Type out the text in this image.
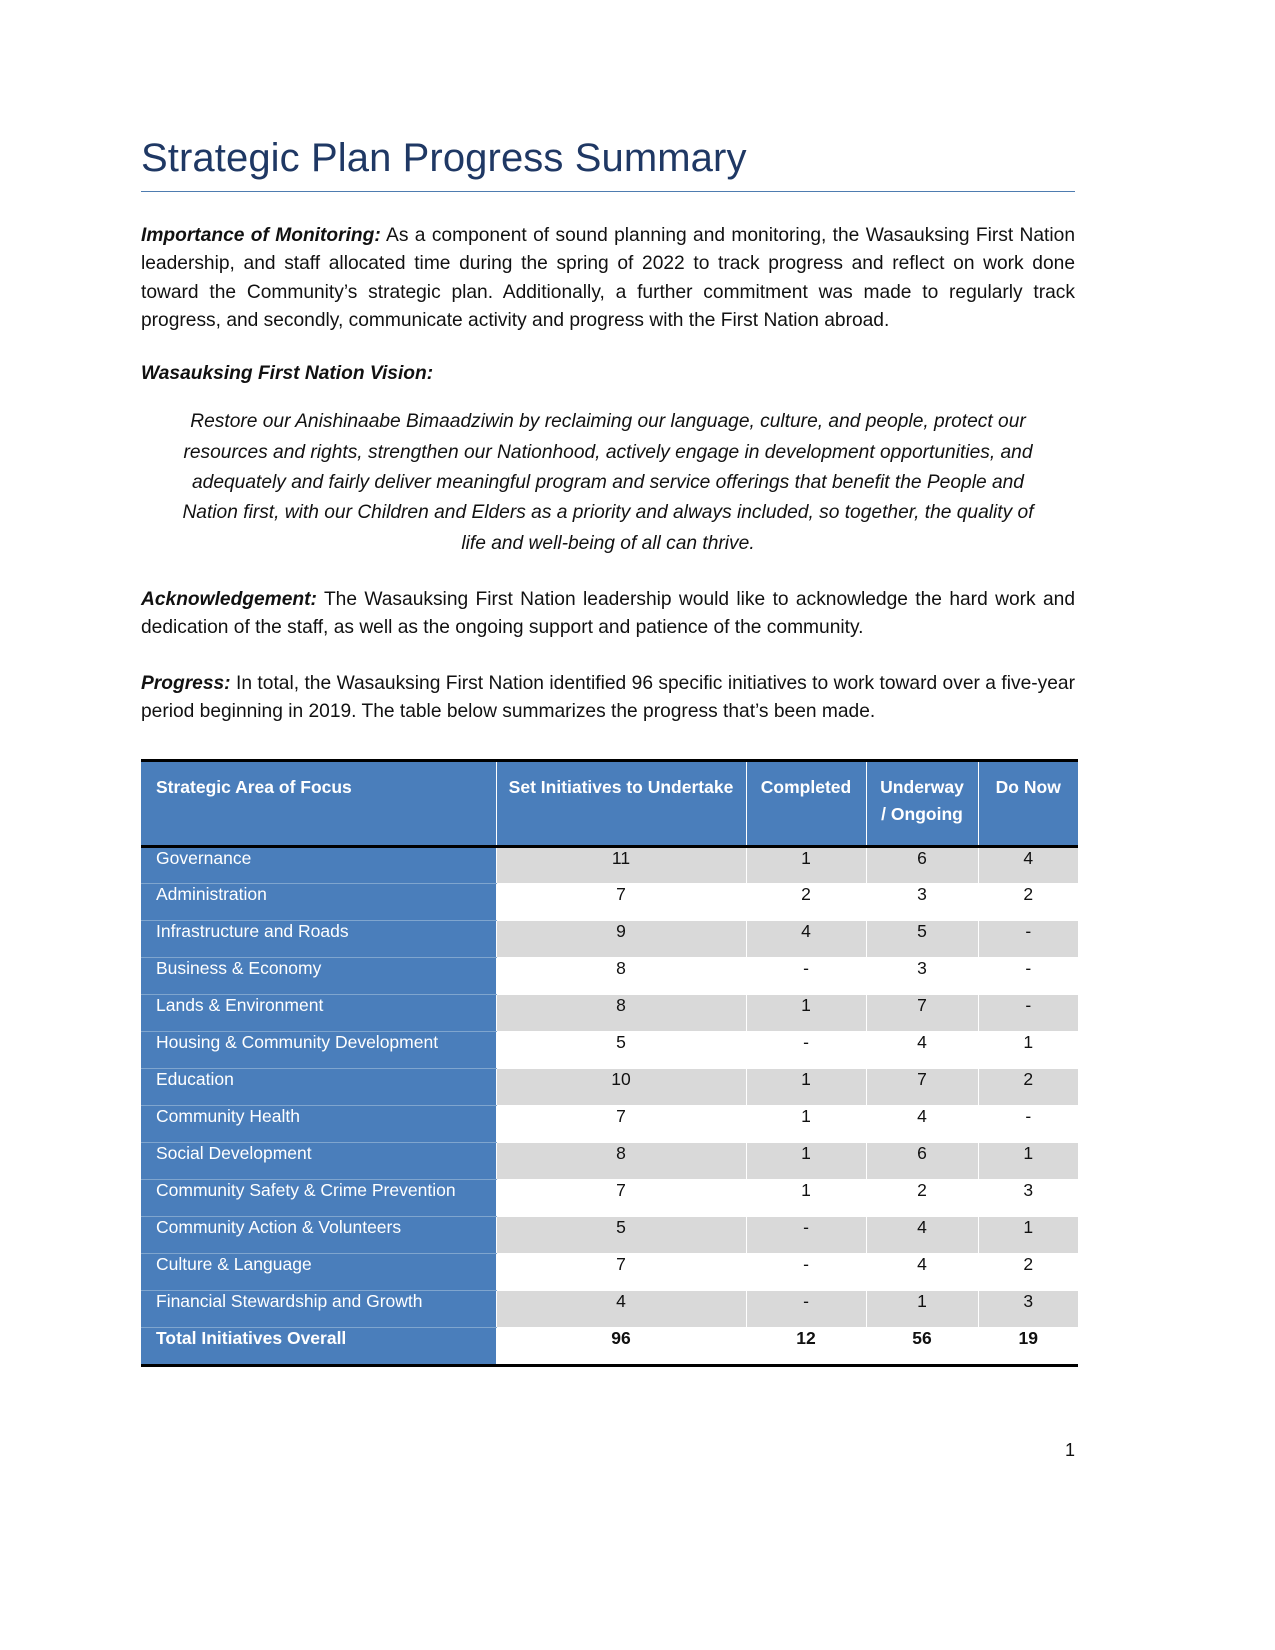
Strategic Plan Progress Summary

Importance of Monitoring: As a component of sound planning and monitoring, the Wasauksing First Nation leadership, and staff allocated time during the spring of 2022 to track progress and reflect on work done toward the Community’s strategic plan. Additionally, a further commitment was made to regularly track progress, and secondly, communicate activity and progress with the First Nation abroad.

Wasauksing First Nation Vision:
Restore our Anishinaabe Bimaadziwin by reclaiming our language, culture, and people, protect our resources and rights, strengthen our Nationhood, actively engage in development opportunities, and adequately and fairly deliver meaningful program and service offerings that benefit the People and Nation first, with our Children and Elders as a priority and always included, so together, the quality of life and well-being of all can thrive.

Acknowledgement: The Wasauksing First Nation leadership would like to acknowledge the hard work and dedication of the staff, as well as the ongoing support and patience of the community.

Progress: In total, the Wasauksing First Nation identified 96 specific initiatives to work toward over a five-year period beginning in 2019. The table below summarizes the progress that’s been made.

Strategic Area of Focus	Set Initiatives to Undertake	Completed	Underway
/ Ongoing	Do Now
Governance	11	1	6	4
Administration	7	2	3	2
Infrastructure and Roads	9	4	5	-
Business & Economy	8	-	3	-
Lands & Environment	8	1	7	-
Housing & Community Development	5	-	4	1
Education	10	1	7	2
Community Health	7	1	4	-
Social Development	8	1	6	1
Community Safety & Crime Prevention	7	1	2	3
Community Action & Volunteers	5	-	4	1
Culture & Language	7	-	4	2
Financial Stewardship and Growth	4	-	1	3
Total Initiatives Overall	96	12	56	19
1
